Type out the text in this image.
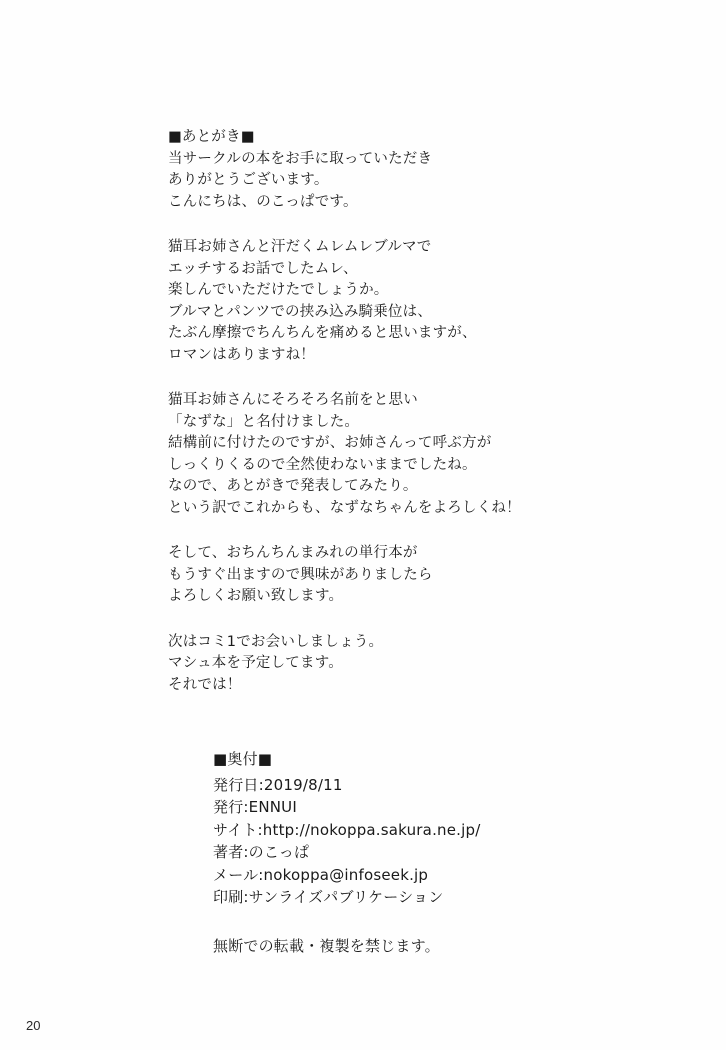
■あとがき■
当サークルの本をお手に取っていただき
ありがとうございます。
こんにちは、のこっぱです。
猫耳お姉さんと汗だくムレムレブルマで
エッチするお話でしたムレ、
楽しんでいただけたでしょうか。
ブルマとパンツでの挟み込み騎乗位は、
たぶん摩擦でちんちんを痛めると思いますが、
ロマンはありますね！
猫耳お姉さんにそろそろ名前をと思い
「なずな」と名付けました。
結構前に付けたのですが、お姉さんって呼ぶ方が
しっくりくるので全然使わないままでしたね。
なので、あとがきで発表してみたり。
という訳でこれからも、なずなちゃんをよろしくね！
そして、おちんちんまみれの単行本が
もうすぐ出ますので興味がありましたら
よろしくお願い致します。
次はコミ1でお会いしましょう。
マシュ本を予定してます。
それでは！
■奥付■
発行日:2019/8/11
発行:ENNUI
サイト:http://nokoppa.sakura.ne.jp/
著者:のこっぱ
メール:nokoppa@infoseek.jp
印刷:サンライズパブリケーション
無断での転載・複製を禁じます。
20
